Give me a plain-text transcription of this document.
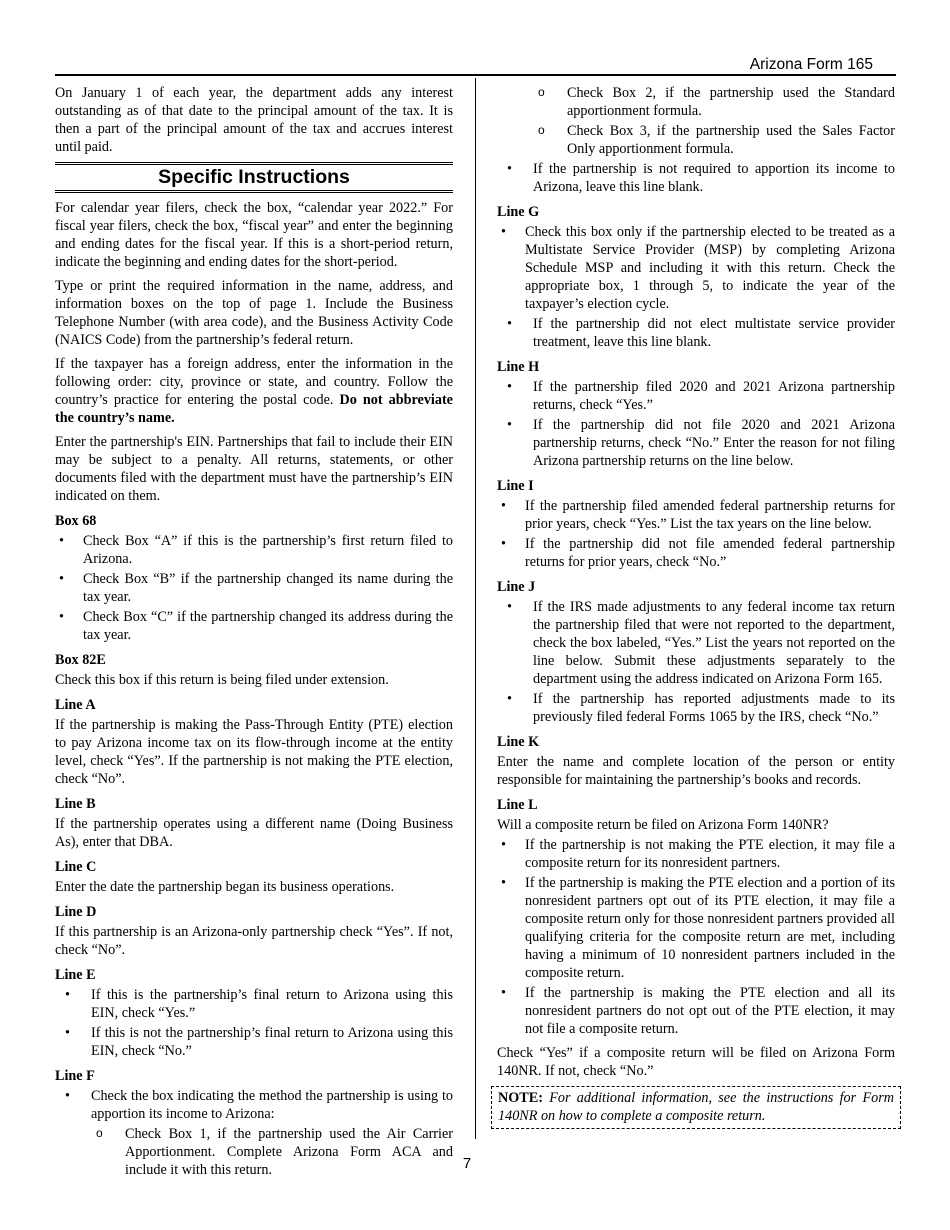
Arizona Form 165

On January 1 of each year, the department adds any interest outstanding as of that date to the principal amount of the tax. It is then a part of the principal amount of the tax and accrues interest until paid.

Specific Instructions

For calendar year filers, check the box, “calendar year 2022.” For fiscal year filers, check the box, “fiscal year” and enter the beginning and ending dates for the fiscal year. If this is a short-period return, indicate the beginning and ending dates for the short-period.

Type or print the required information in the name, address, and information boxes on the top of page 1. Include the Business Telephone Number (with area code), and the Business Activity Code (NAICS Code) from the partnership’s federal return.

If the taxpayer has a foreign address, enter the information in the following order: city, province or state, and country. Follow the country’s practice for entering the postal code. Do not abbreviate the country’s name.

Enter the partnership's EIN. Partnerships that fail to include their EIN may be subject to a penalty. All returns, statements, or other documents filed with the department must have the partnership’s EIN indicated on them.

Box 68
• Check Box “A” if this is the partnership’s first return filed to Arizona.
• Check Box “B” if the partnership changed its name during the tax year.
• Check Box “C” if the partnership changed its address during the tax year.
Box 82E

Check this box if this return is being filed under extension.

Line A

If the partnership is making the Pass-Through Entity (PTE) election to pay Arizona income tax on its flow-through income at the entity level, check “Yes”. If the partnership is not making the PTE election, check “No”.

Line B

If the partnership operates using a different name (Doing Business As), enter that DBA.

Line C

Enter the date the partnership began its business operations.

Line D

If this partnership is an Arizona-only partnership check “Yes”. If not, check “No”.

Line E
• If this is the partnership’s final return to Arizona using this EIN, check “Yes.”
• If this is not the partnership’s final return to Arizona using this EIN, check “No.”
Line F
• Check the box indicating the method the partnership is using to apportion its income to Arizona:
o Check Box 1, if the partnership used the Air Carrier Apportionment. Complete Arizona Form ACA and include it with this return.
o Check Box 2, if the partnership used the Standard apportionment formula.
o Check Box 3, if the partnership used the Sales Factor Only apportionment formula.
• If the partnership is not required to apportion its income to Arizona, leave this line blank.
Line G
• Check this box only if the partnership elected to be treated as a Multistate Service Provider (MSP) by completing Arizona Schedule MSP and including it with this return. Check the appropriate box, 1 through 5, to indicate the year of the taxpayer’s election cycle.
• If the partnership did not elect multistate service provider treatment, leave this line blank.
Line H
• If the partnership filed 2020 and 2021 Arizona partnership returns, check “Yes.”
• If the partnership did not file 2020 and 2021 Arizona partnership returns, check “No.” Enter the reason for not filing Arizona partnership returns on the line below.
Line I
• If the partnership filed amended federal partnership returns for prior years, check “Yes.” List the tax years on the line below.
• If the partnership did not file amended federal partnership returns for prior years, check “No.”
Line J
• If the IRS made adjustments to any federal income tax return the partnership filed that were not reported to the department, check the box labeled, “Yes.” List the years not reported on the line below. Submit these adjustments separately to the department using the address indicated on Arizona Form 165.
• If the partnership has reported adjustments made to its previously filed federal Forms 1065 by the IRS, check “No.”
Line K

Enter the name and complete location of the person or entity responsible for maintaining the partnership’s books and records.

Line L

Will a composite return be filed on Arizona Form 140NR?

• If the partnership is not making the PTE election, it may file a composite return for its nonresident partners.
• If the partnership is making the PTE election and a portion of its nonresident partners opt out of its PTE election, it may file a composite return only for those nonresident partners provided all qualifying criteria for the composite return are met, including having a minimum of 10 nonresident partners included in the composite return.
• If the partnership is making the PTE election and all its nonresident partners do not opt out of the PTE election, it may not file a composite return.

Check “Yes” if a composite return will be filed on Arizona Form 140NR. If not, check “No.”

NOTE: For additional information, see the instructions for Form 140NR on how to complete a composite return.
7
